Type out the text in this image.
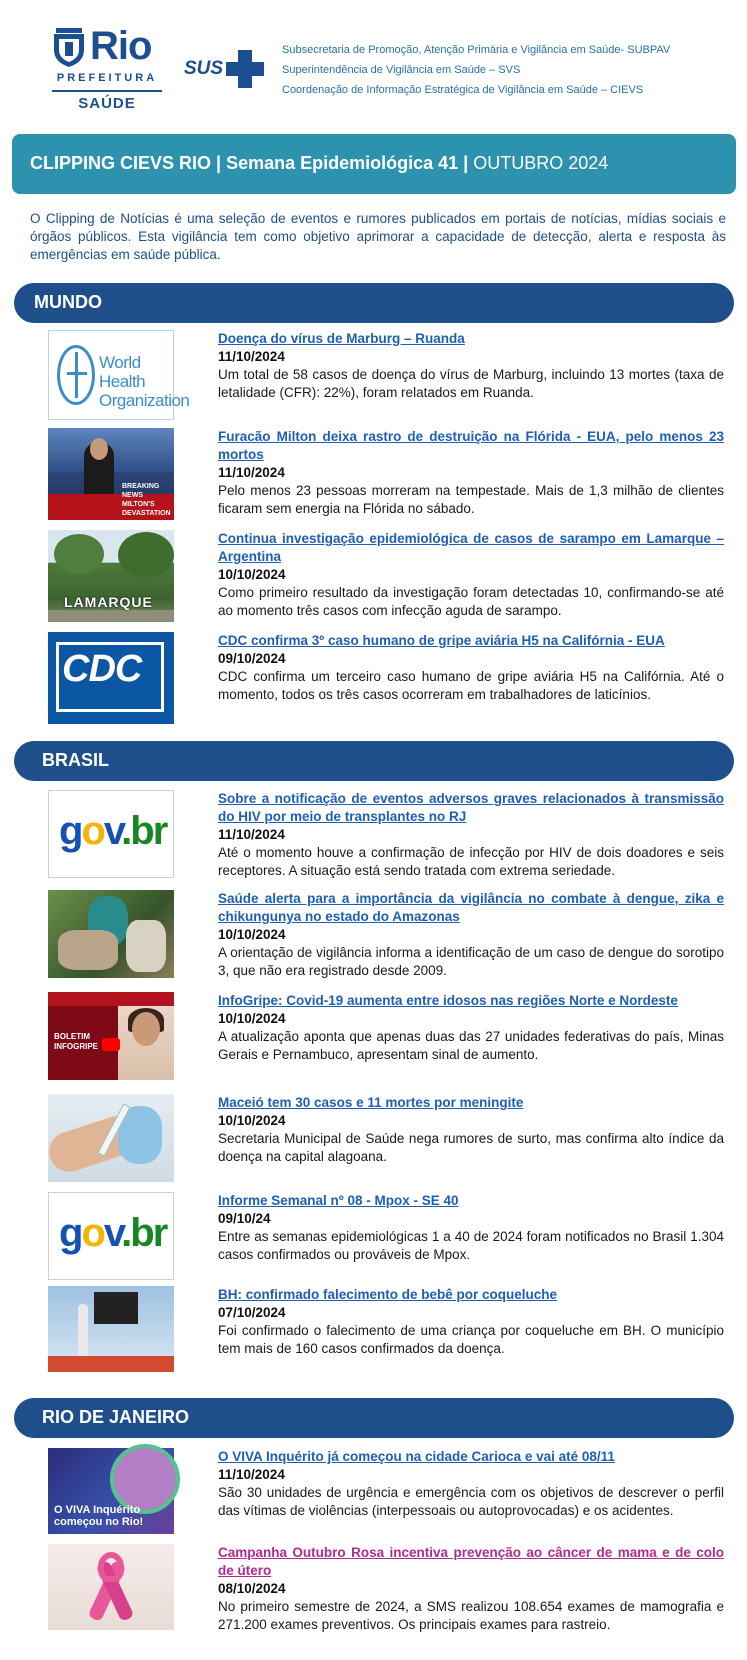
Rio
PREFEITURA
SAÚDE
SUS
Subsecretaria de Promoção, Atenção Primária e Vigilância em Saúde- SUBPAV
Superintendência de Vigilância em Saúde – SVS
Coordenação de Informação Estratégica de Vigilância em Saúde – CIEVS
CLIPPING CIEVS RIO | Semana Epidemiológica 41 | OUTUBRO 2024
O Clipping de Notícias é uma seleção de eventos e rumores publicados em portais de notícias, mídias sociais e órgãos públicos. Esta vigilância tem como objetivo aprimorar a capacidade de detecção, alerta e resposta às emergências em saúde pública.
MUNDO
World Health Organization
Doença do vírus de Marburg – Ruanda
11/10/2024
Um total de 58 casos de doença do vírus de Marburg, incluindo 13 mortes (taxa de letalidade (CFR): 22%), foram relatados em Ruanda.
BREAKING NEWS MILTON'S DEVASTATION
Furacão Milton deixa rastro de destruição na Flórida - EUA, pelo menos 23 mortos
11/10/2024
Pelo menos 23 pessoas morreram na tempestade. Mais de 1,3 milhão de clientes ficaram sem energia na Flórida no sábado.
LAMARQUE
Continua investigação epidemiológica de casos de sarampo em Lamarque – Argentina
10/10/2024
Como primeiro resultado da investigação foram detectadas 10, confirmando-se até ao momento três casos com infecção aguda de sarampo.
CDC
CDC confirma 3º caso humano de gripe aviária H5 na Califórnia - EUA
09/10/2024
CDC confirma um terceiro caso humano de gripe aviária H5 na Califórnia. Até o momento, todos os três casos ocorreram em trabalhadores de laticínios.
BRASIL
gov.br
Sobre a notificação de eventos adversos graves relacionados à transmissão do HIV por meio de transplantes no RJ
11/10/2024
Até o momento houve a confirmação de infecção por HIV de dois doadores e seis receptores. A situação está sendo tratada com extrema seriedade.
Saúde alerta para a importância da vigilância no combate à dengue, zika e chikungunya no estado do Amazonas
10/10/2024
A orientação de vigilância informa a identificação de um caso de dengue do sorotipo 3, que não era registrado desde 2009.
BOLETIM INFOGRIPE
InfoGripe: Covid-19 aumenta entre idosos nas regiões Norte e Nordeste
10/10/2024
A atualização aponta que apenas duas das 27 unidades federativas do país, Minas Gerais e Pernambuco, apresentam sinal de aumento.
Maceió tem 30 casos e 11 mortes por meningite
10/10/2024
Secretaria Municipal de Saúde nega rumores de surto, mas confirma alto índice da doença na capital alagoana.
gov.br
Informe Semanal nº 08 - Mpox - SE 40
09/10/24
Entre as semanas epidemiológicas 1 a 40 de 2024 foram notificados no Brasil 1.304 casos confirmados ou prováveis de Mpox.
BH: confirmado falecimento de bebê por coqueluche
07/10/2024
Foi confirmado o falecimento de uma criança por coqueluche em BH. O município tem mais de 160 casos confirmados da doença.
RIO DE JANEIRO
O VIVA Inquérito começou no Rio!
O VIVA Inquérito já começou na cidade Carioca e vai até 08/11
11/10/2024
São 30 unidades de urgência e emergência com os objetivos de descrever o perfil das vítimas de violências (interpessoais ou autoprovocadas) e os acidentes.
Campanha Outubro Rosa incentiva prevenção ao câncer de mama e de colo de útero
08/10/2024
No primeiro semestre de 2024, a SMS realizou 108.654 exames de mamografia e 271.200 exames preventivos. Os principais exames para rastreio.
